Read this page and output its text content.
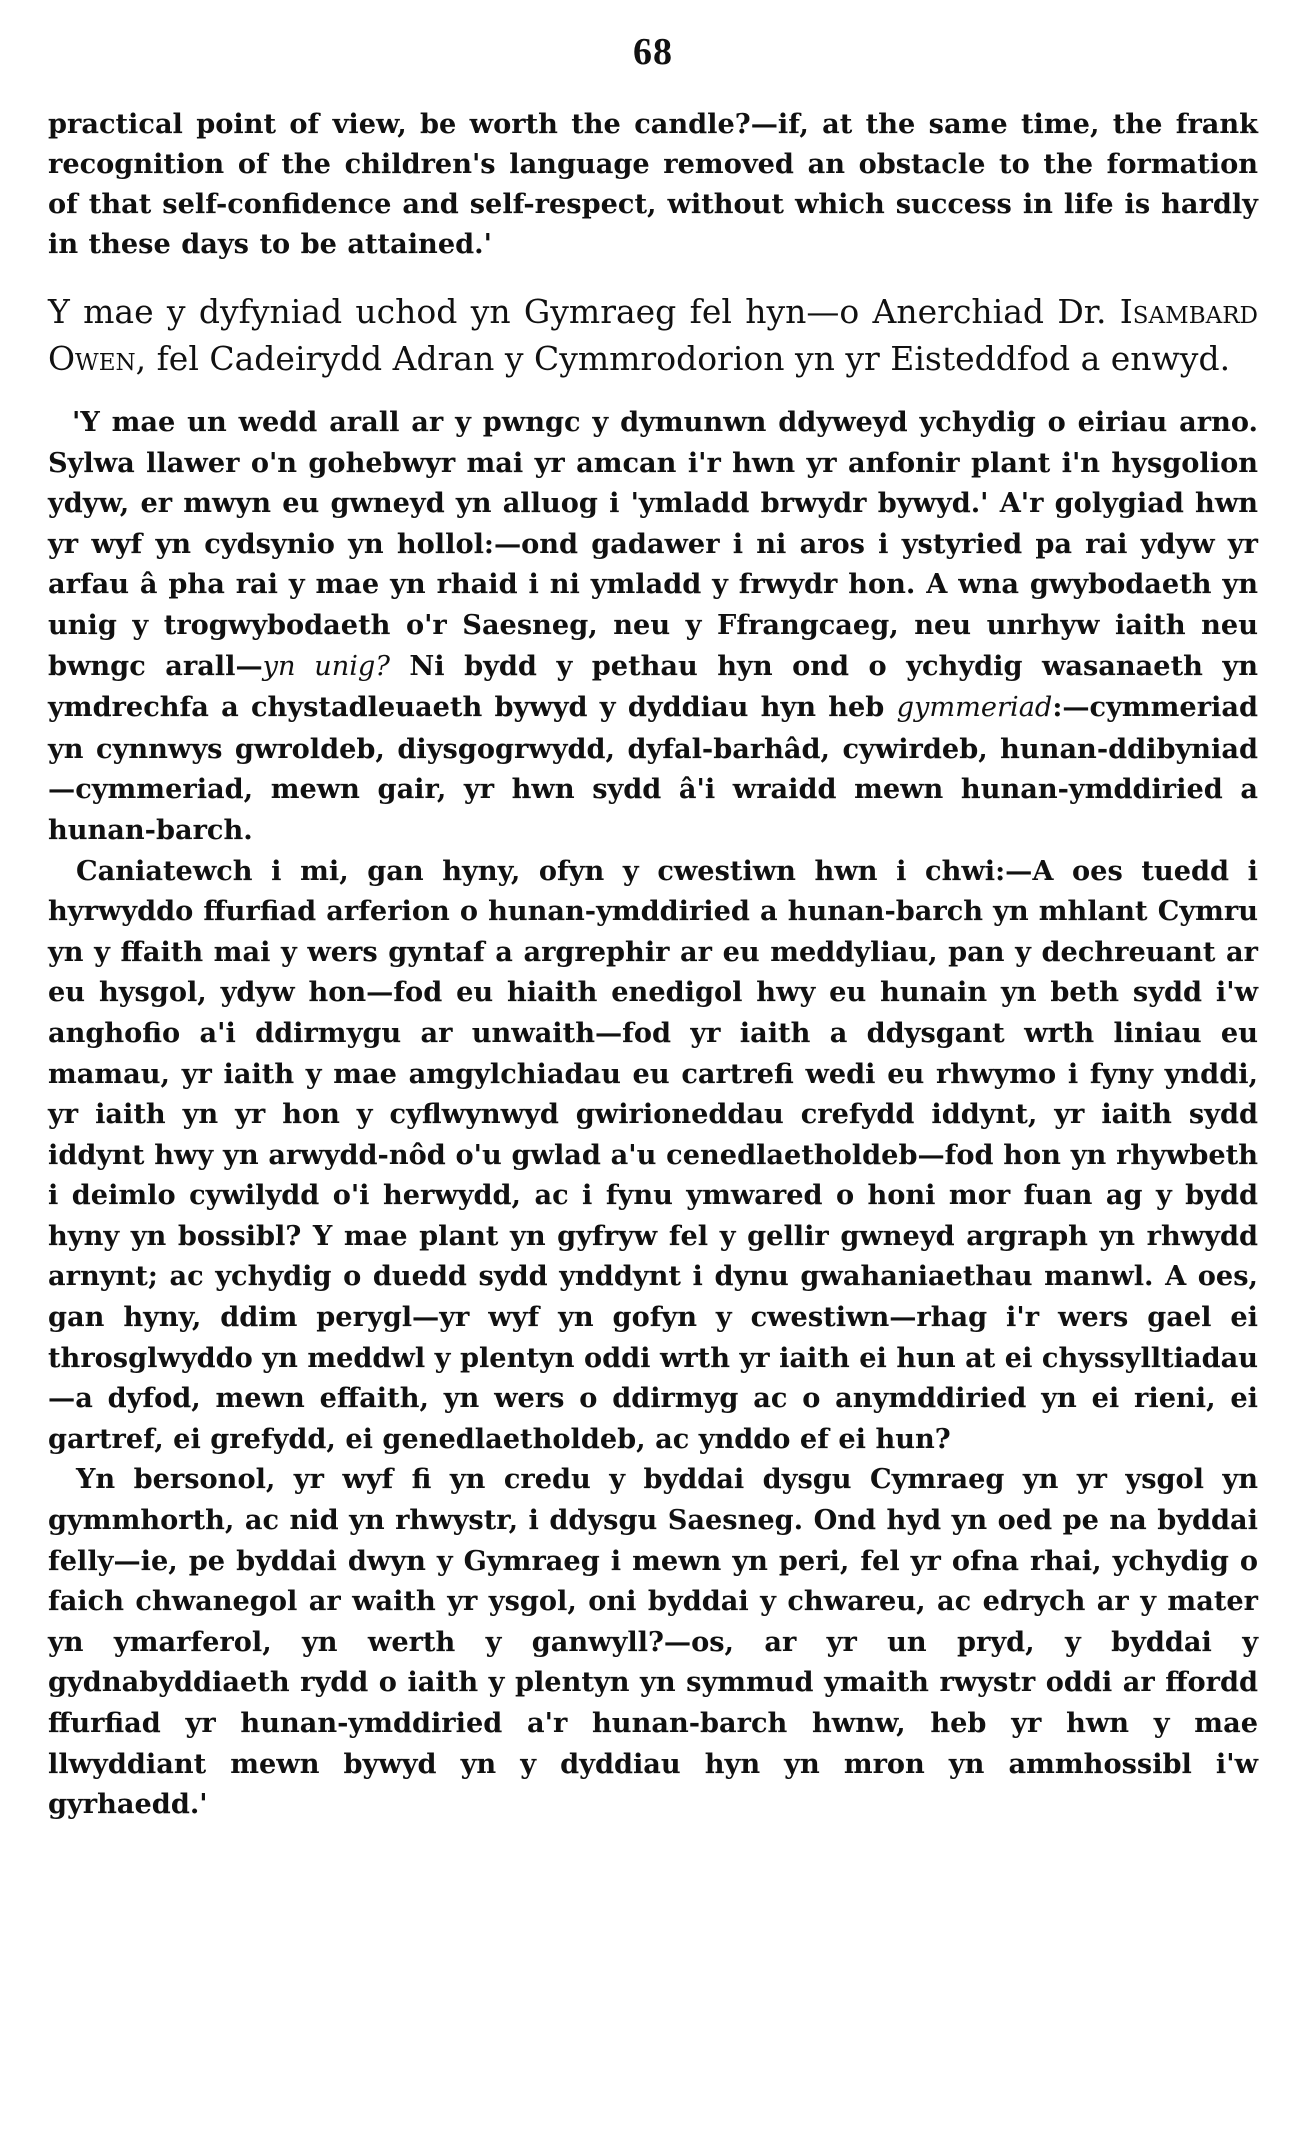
68

practical point of view, be worth the candle?—if, at the same time, the frank recognition of the children's language removed an obstacle to the formation of that self-confidence and self-respect, without which success in life is hardly in these days to be attained.'

Y mae y dyfyniad uchod yn Gymraeg fel hyn—o Anerchiad Dr. Isambard Owen, fel Cadeirydd Adran y Cymmrodorion yn yr Eisteddfod a enwyd.

'Y mae un wedd arall ar y pwngc y dymunwn ddyweyd ychydig o eiriau arno. Sylwa llawer o'n gohebwyr mai yr amcan i'r hwn yr anfonir plant i'n hysgolion ydyw, er mwyn eu gwneyd yn alluog i 'ymladd brwydr bywyd.' A'r golygiad hwn yr wyf yn cydsynio yn hollol:—ond gadawer i ni aros i ystyried pa rai ydyw yr arfau â pha rai y mae yn rhaid i ni ymladd y frwydr hon. A wna gwybodaeth yn unig y trogwybodaeth o'r Saesneg, neu y Ffrangcaeg, neu unrhyw iaith neu bwngc arall—yn unig? Ni bydd y pethau hyn ond o ychydig wasanaeth yn ymdrechfa a chystadleuaeth bywyd y dyddiau hyn heb gymmeriad:—cymmeriad yn cynnwys gwroldeb, diysgogrwydd, dyfal-barhâd, cywirdeb, hunan-ddibyniad—cymmeriad, mewn gair, yr hwn sydd â'i wraidd mewn hunan-ymddiried a hunan-barch.

Caniatewch i mi, gan hyny, ofyn y cwestiwn hwn i chwi:—A oes tuedd i hyrwyddo ffurfiad arferion o hunan-ymddiried a hunan-barch yn mhlant Cymru yn y ffaith mai y wers gyntaf a argrephir ar eu meddyliau, pan y dechreuant ar eu hysgol, ydyw hon—fod eu hiaith enedigol hwy eu hunain yn beth sydd i'w anghofio a'i ddirmygu ar unwaith—fod yr iaith a ddysgant wrth liniau eu mamau, yr iaith y mae amgylchiadau eu cartrefi wedi eu rhwymo i fyny ynddi, yr iaith yn yr hon y cyflwynwyd gwirioneddau crefydd iddynt, yr iaith sydd iddynt hwy yn arwydd-nôd o'u gwlad a'u cenedlaetholdeb—fod hon yn rhywbeth i deimlo cywilydd o'i herwydd, ac i fynu ymwared o honi mor fuan ag y bydd hyny yn bossibl? Y mae plant yn gyfryw fel y gellir gwneyd argraph yn rhwydd arnynt; ac ychydig o duedd sydd ynddynt i dynu gwahaniaethau manwl. A oes, gan hyny, ddim perygl—yr wyf yn gofyn y cwestiwn—rhag i'r wers gael ei throsglwyddo yn meddwl y plentyn oddi wrth yr iaith ei hun at ei chyssylltiadau—a dyfod, mewn effaith, yn wers o ddirmyg ac o anymddiried yn ei rieni, ei gartref, ei grefydd, ei genedlaetholdeb, ac ynddo ef ei hun?

Yn bersonol, yr wyf fi yn credu y byddai dysgu Cymraeg yn yr ysgol yn gymmhorth, ac nid yn rhwystr, i ddysgu Saesneg. Ond hyd yn oed pe na byddai felly—ie, pe byddai dwyn y Gymraeg i mewn yn peri, fel yr ofna rhai, ychydig o faich chwanegol ar waith yr ysgol, oni byddai y chwareu, ac edrych ar y mater yn ymarferol, yn werth y ganwyll?—os, ar yr un pryd, y byddai y gydnabyddiaeth rydd o iaith y plentyn yn symmud ymaith rwystr oddi ar ffordd ffurfiad yr hunan-ymddiried a'r hunan-barch hwnw, heb yr hwn y mae llwyddiant mewn bywyd yn y dyddiau hyn yn mron yn ammhossibl i'w gyrhaedd.'
